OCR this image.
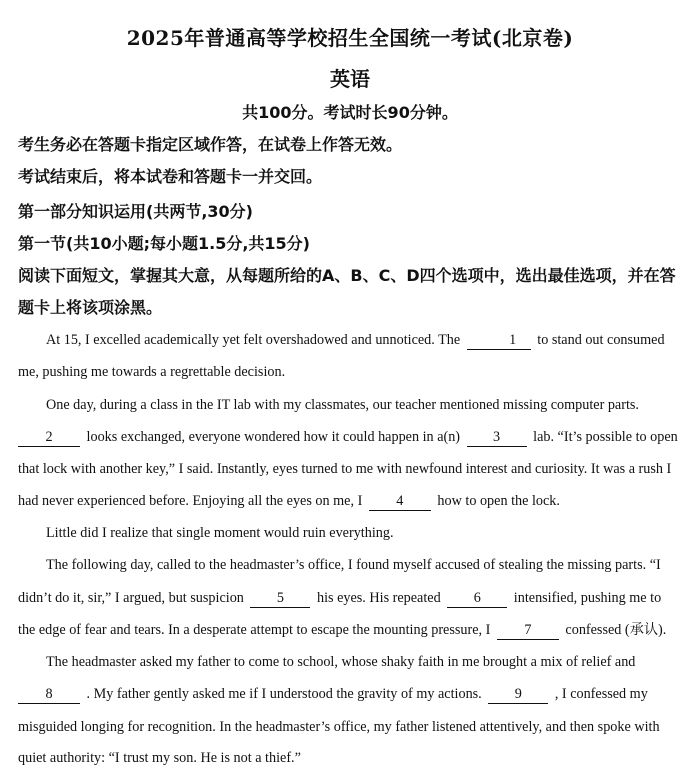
2025年普通高等学校招生全国统一考试(北京卷)
英语
共100分。考试时长90分钟。
考生务必在答题卡指定区域作答，在试卷上作答无效。
考试结束后，将本试卷和答题卡一并交回。
第一部分知识运用(共两节,30分)
第一节(共10小题;每小题1.5分,共15分)
阅读下面短文，掌握其大意，从每题所给的A、B、C、D四个选项中，选出最佳选项，并在答
题卡上将该项涂黑。
At 15, I excelled academically yet felt overshadowed and unnoticed. The	1 to stand out consumed
me, pushing me towards a regrettable decision.
One day, during a class in the IT lab with my classmates, our teacher mentioned missing computer parts.
2 looks exchanged, everyone wondered how it could happen in a(n) 3 lab. “It’s possible to open
that lock with another key,” I said. Instantly, eyes turned to me with newfound interest and curiosity. It was a rush I
had never experienced before. Enjoying all the eyes on me, I 4 how to open the lock.
Little did I realize that single moment would ruin everything.
The following day, called to the headmaster’s office, I found myself accused of stealing the missing parts. “I
didn’t do it, sir,” I argued, but suspicion 5 his eyes. His repeated 6 intensified, pushing me to
the edge of fear and tears. In a desperate attempt to escape the mounting pressure, I 7 confessed (承认).
The headmaster asked my father to come to school, whose shaky faith in me brought a mix of relief and
8 . My father gently asked me if I understood the gravity of my actions. 9 , I confessed my
misguided longing for recognition. In the headmaster’s office, my father listened attentively, and then spoke with
quiet authority: “I trust my son. He is not a thief.”
